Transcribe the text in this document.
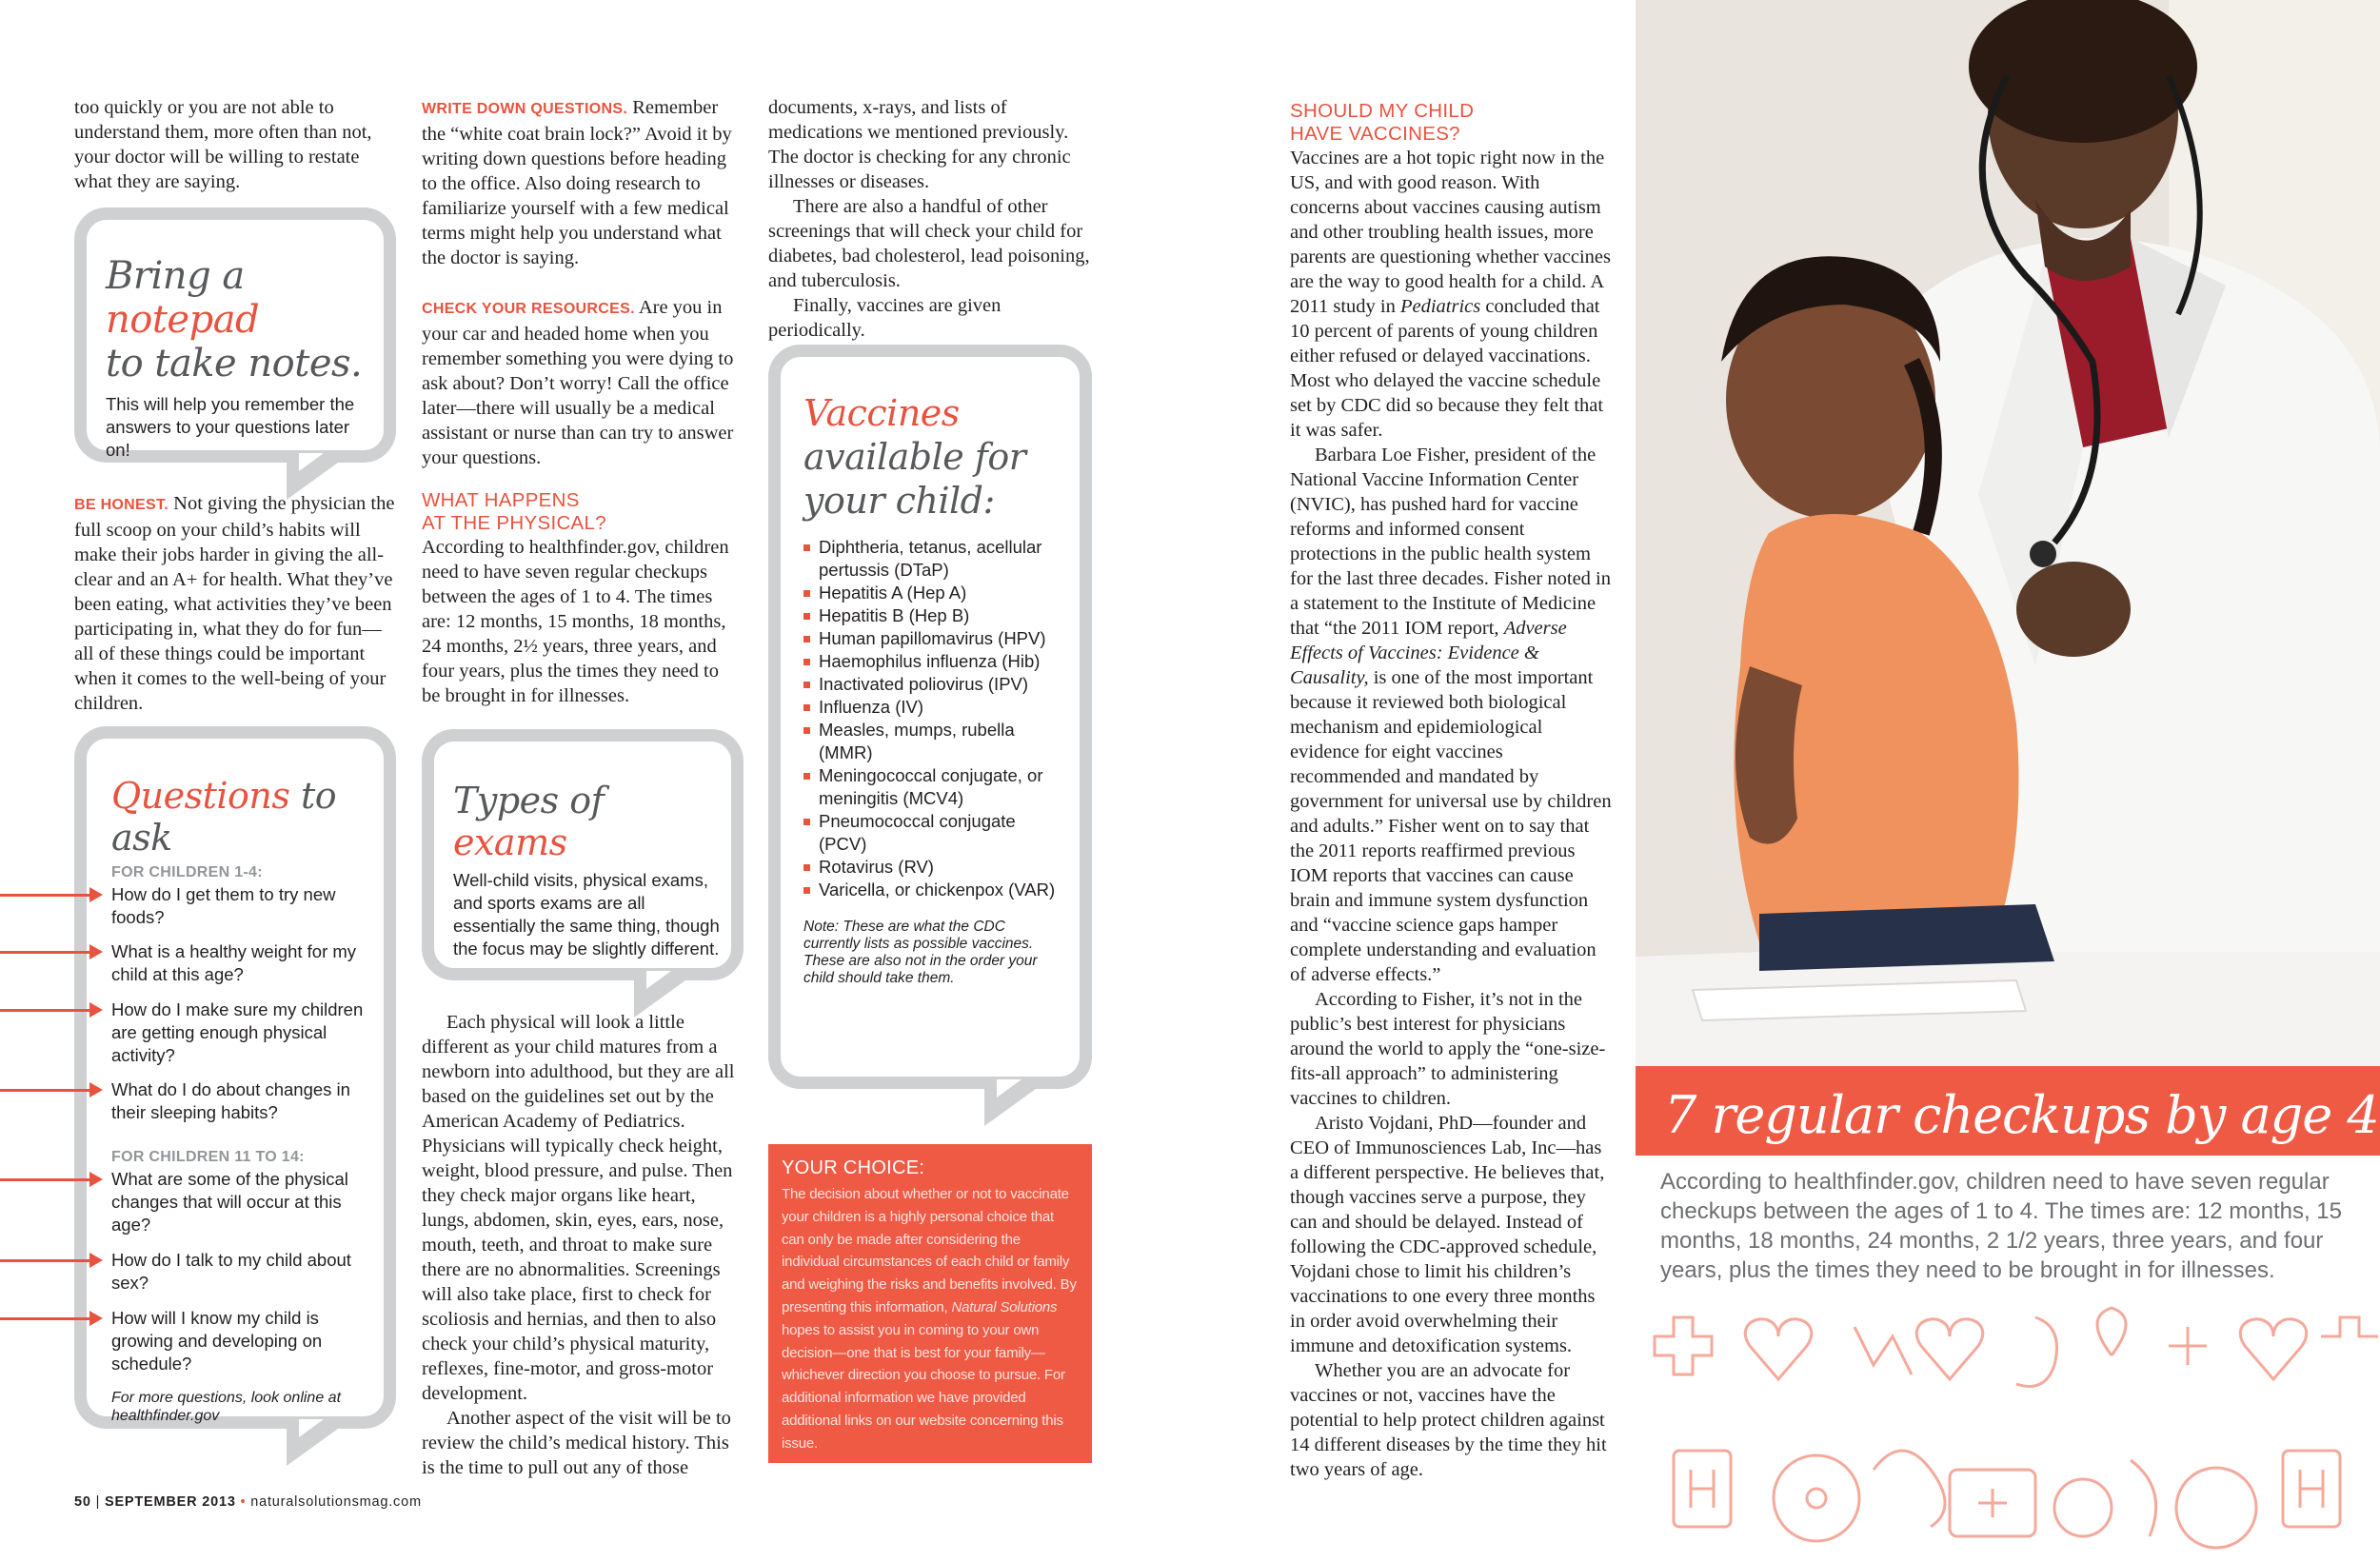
too quickly or you are not able to understand them, more often than not, your doctor will be willing to restate what they are saying.

Bring a notepad
to take notes.
This will help you remember the answers to your questions later on!

BE HONEST. Not giving the physician the full scoop on your child’s habits will make their jobs harder in giving the all-clear and an A+ for health. What they’ve been eating, what activities they’ve been participating in, what they do for fun—all of these things could be important when it comes to the well-being of your children.

Questions to ask
FOR CHILDREN 1-4:
How do I get them to try new foods?
What is a healthy weight for my child at this age?
How do I make sure my children are getting enough physical activity?
What do I do about changes in their sleeping habits?
FOR CHILDREN 11 TO 14:
What are some of the physical changes that will occur at this age?
How do I talk to my child about sex?
How will I know my child is growing and developing on schedule?
For more questions, look online at healthfinder.gov

WRITE DOWN QUESTIONS. Remember the “white coat brain lock?” Avoid it by writing down questions before heading to the office. Also doing research to familiarize yourself with a few medical terms might help you understand what the doctor is saying.

CHECK YOUR RESOURCES. Are you in your car and headed home when you remember something you were dying to ask about? Don’t worry! Call the office later—there will usually be a medical assistant or nurse than can try to answer your questions.

WHAT HAPPENS
AT THE PHYSICAL?

According to healthfinder.gov, children need to have seven regular checkups between the ages of 1 to 4. The times are: 12 months, 15 months, 18 months, 24 months, 2½ years, three years, and four years, plus the times they need to be brought in for illnesses.

Types of exams
Well-child visits, physical exams, and sports exams are all essentially the same thing, though the focus may be slightly different.

Each physical will look a little different as your child matures from a newborn into adulthood, but they are all based on the guidelines set out by the American Academy of Pediatrics. Physicians will typically check height, weight, blood pressure, and pulse. Then they check major organs like heart, lungs, abdomen, skin, eyes, ears, nose, mouth, teeth, and throat to make sure there are no abnormalities. Screenings will also take place, first to check for scoliosis and hernias, and then to also check your child’s physical maturity, reflexes, fine-motor, and gross-motor development.

Another aspect of the visit will be to review the child’s medical history. This is the time to pull out any of those

documents, x-rays, and lists of medications we mentioned previously. The doctor is checking for any chronic illnesses or diseases.

There are also a handful of other screenings that will check your child for diabetes, bad cholesterol, lead poisoning, and tuberculosis.

Finally, vaccines are given periodically.

Vaccines
available for
your child:
Diphtheria, tetanus, acellular pertussis (DTaP)
Hepatitis A (Hep A)
Hepatitis B (Hep B)
Human papillomavirus (HPV)
Haemophilus influenza (Hib)
Inactivated poliovirus (IPV)
Influenza (IV)
Measles, mumps, rubella (MMR)
Meningococcal conjugate, or meningitis (MCV4)
Pneumococcal conjugate (PCV)
Rotavirus (RV)
Varicella, or chickenpox (VAR)
Note: These are what the CDC currently lists as possible vaccines. These are also not in the order your child should take them.
YOUR CHOICE:
The decision about whether or not to vaccinate your children is a highly personal choice that can only be made after considering the individual circumstances of each child or family and weighing the risks and benefits involved. By presenting this information, Natural Solutions hopes to assist you in coming to your own decision—one that is best for your family—whichever direction you choose to pursue. For additional information we have provided additional links on our website concerning this issue.
SHOULD MY CHILD
HAVE VACCINES?

Vaccines are a hot topic right now in the US, and with good reason. With concerns about vaccines causing autism and other troubling health issues, more parents are questioning whether vaccines are the way to good health for a child. A 2011 study in Pediatrics concluded that 10 percent of parents of young children either refused or delayed vaccinations. Most who delayed the vaccine schedule set by CDC did so because they felt that it was safer.

Barbara Loe Fisher, president of the National Vaccine Information Center (NVIC), has pushed hard for vaccine reforms and informed consent protections in the public health system for the last three decades. Fisher noted in a statement to the Institute of Medicine that “the 2011 IOM report, Adverse Effects of Vaccines: Evidence & Causality, is one of the most important because it reviewed both biological mechanism and epidemiological evidence for eight vaccines recommended and mandated by government for universal use by children and adults.” Fisher went on to say that the 2011 reports reaffirmed previous IOM reports that vaccines can cause brain and immune system dysfunction and “vaccine science gaps hamper complete understanding and evaluation of adverse effects.”

According to Fisher, it’s not in the public’s best interest for physicians around the world to apply the “one-size-fits-all approach” to administering vaccines to children.

Aristo Vojdani, PhD—founder and CEO of Immunosciences Lab, Inc—has a different perspective. He believes that, though vaccines serve a purpose, they can and should be delayed. Instead of following the CDC-approved schedule, Vojdani chose to limit his children’s vaccinations to one every three months in order avoid overwhelming their immune and detoxification systems.

Whether you are an advocate for vaccines or not, vaccines have the potential to help protect children against 14 different diseases by the time they hit two years of age.

50 | SEPTEMBER 2013 • naturalsolutionsmag.com
7 regular checkups by age 4
According to healthfinder.gov, children need to have seven regular checkups between the ages of 1 to 4. The times are: 12 months, 15 months, 18 months, 24 months, 2 1/2 years, three years, and four years, plus the times they need to be brought in for illnesses.
